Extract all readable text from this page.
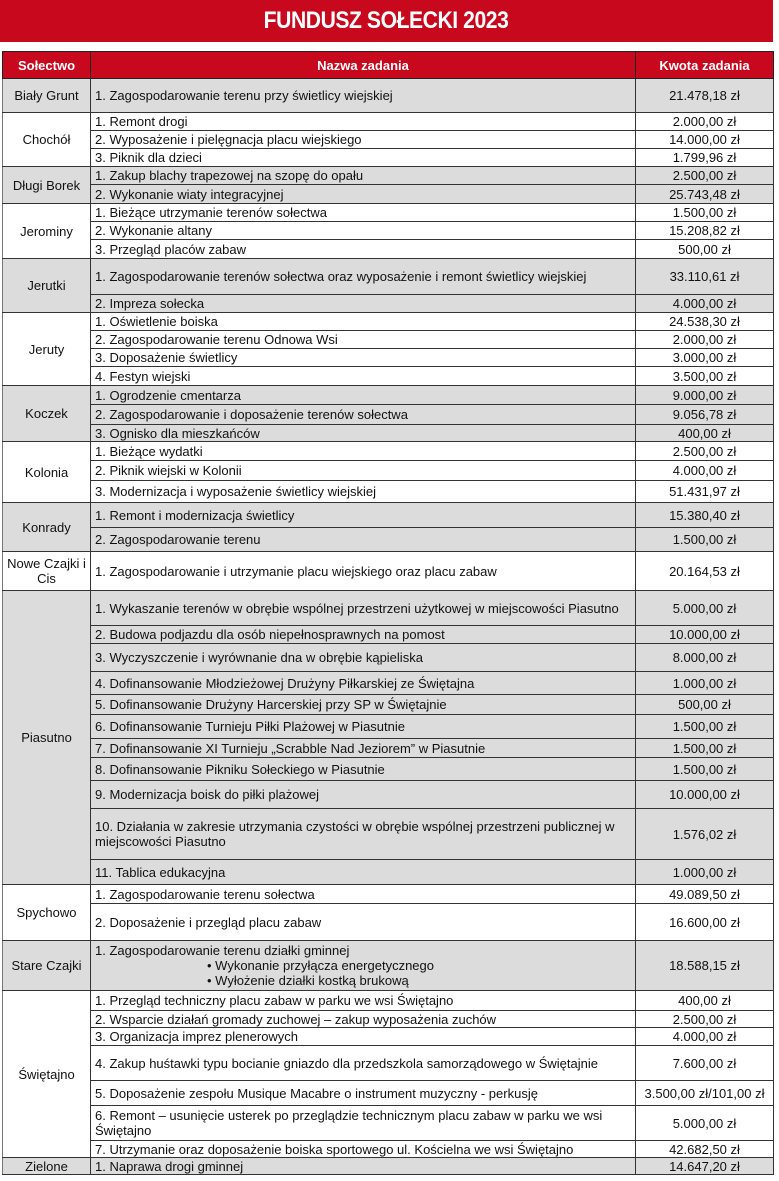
FUNDUSZ SOŁECKI 2023
Sołectwo	Nazwa zadania	Kwota zadania
Biały Grunt	1. Zagospodarowanie terenu przy świetlicy wiejskiej	21.478,18 zł
Chochół	1. Remont drogi	2.000,00 zł
	2. Wyposażenie i pielęgnacja placu wiejskiego	14.000,00 zł
	3. Piknik dla dzieci	1.799,96 zł
Długi Borek	1. Zakup blachy trapezowej na szopę do opału	2.500,00 zł
	2. Wykonanie wiaty integracyjnej	25.743,48 zł
Jerominy	1. Bieżące utrzymanie terenów sołectwa	1.500,00 zł
	2. Wykonanie altany	15.208,82 zł
	3. Przegląd placów zabaw	500,00 zł
Jerutki	1. Zagospodarowanie terenów sołectwa oraz wyposażenie i remont świetlicy wiejskiej	33.110,61 zł
	2. Impreza sołecka	4.000,00 zł
Jeruty	1. Oświetlenie boiska	24.538,30 zł
	2. Zagospodarowanie terenu Odnowa Wsi	2.000,00 zł
	3. Doposażenie świetlicy	3.000,00 zł
	4. Festyn wiejski	3.500,00 zł
Koczek	1. Ogrodzenie cmentarza	9.000,00 zł
	2. Zagospodarowanie i doposażenie terenów sołectwa	9.056,78 zł
	3. Ognisko dla mieszkańców	400,00 zł
Kolonia	1. Bieżące wydatki	2.500,00 zł
	2. Piknik wiejski w Kolonii	4.000,00 zł
	3. Modernizacja i wyposażenie świetlicy wiejskiej	51.431,97 zł
Konrady	1. Remont i modernizacja świetlicy	15.380,40 zł
	2. Zagospodarowanie terenu	1.500,00 zł
Nowe Czajki i Cis	1. Zagospodarowanie i utrzymanie placu wiejskiego oraz placu zabaw	20.164,53 zł
Piasutno	1. Wykaszanie terenów w obrębie wspólnej przestrzeni użytkowej w miejscowości Piasutno	5.000,00 zł
	2. Budowa podjazdu dla osób niepełnosprawnych na pomost	10.000,00 zł
	3. Wyczyszczenie i wyrównanie dna w obrębie kąpieliska	8.000,00 zł
	4. Dofinansowanie Młodzieżowej Drużyny Piłkarskiej ze Świętajna	1.000,00 zł
	5. Dofinansowanie Drużyny Harcerskiej przy SP w Świętajnie	500,00 zł
	6. Dofinansowanie Turnieju Piłki Plażowej w Piasutnie	1.500,00 zł
	7. Dofinansowanie XI Turnieju „Scrabble Nad Jeziorem” w Piasutnie	1.500,00 zł
	8. Dofinansowanie Pikniku Sołeckiego w Piasutnie	1.500,00 zł
	9. Modernizacja boisk do piłki plażowej	10.000,00 zł
	10. Działania w zakresie utrzymania czystości w obrębie wspólnej przestrzeni publicznej w miejscowości Piasutno	1.576,02 zł
	11. Tablica edukacyjna	1.000,00 zł
Spychowo	1. Zagospodarowanie terenu sołectwa	49.089,50 zł
	2. Doposażenie i przegląd placu zabaw	16.600,00 zł
Stare Czajki	1. Zagospodarowanie terenu działki gminnej
• Wykonanie przyłącza energetycznego
• Wyłożenie działki kostką brukową	18.588,15 zł
Świętajno	1. Przegląd techniczny placu zabaw w parku we wsi Świętajno	400,00 zł
	2. Wsparcie działań gromady zuchowej – zakup wyposażenia zuchów	2.500,00 zł
	3. Organizacja imprez plenerowych	4.000,00 zł
	4. Zakup huśtawki typu bocianie gniazdo dla przedszkola samorządowego w Świętajnie	7.600,00 zł
	5. Doposażenie zespołu Musique Macabre o instrument muzyczny - perkusję	3.500,00 zł/101,00 zł
	6. Remont – usunięcie usterek po przeglądzie technicznym placu zabaw w parku we wsi Świętajno	5.000,00 zł
	7. Utrzymanie oraz doposażenie boiska sportowego ul. Kościelna we wsi Świętajno	42.682,50 zł
Zielone	1. Naprawa drogi gminnej	14.647,20 zł
